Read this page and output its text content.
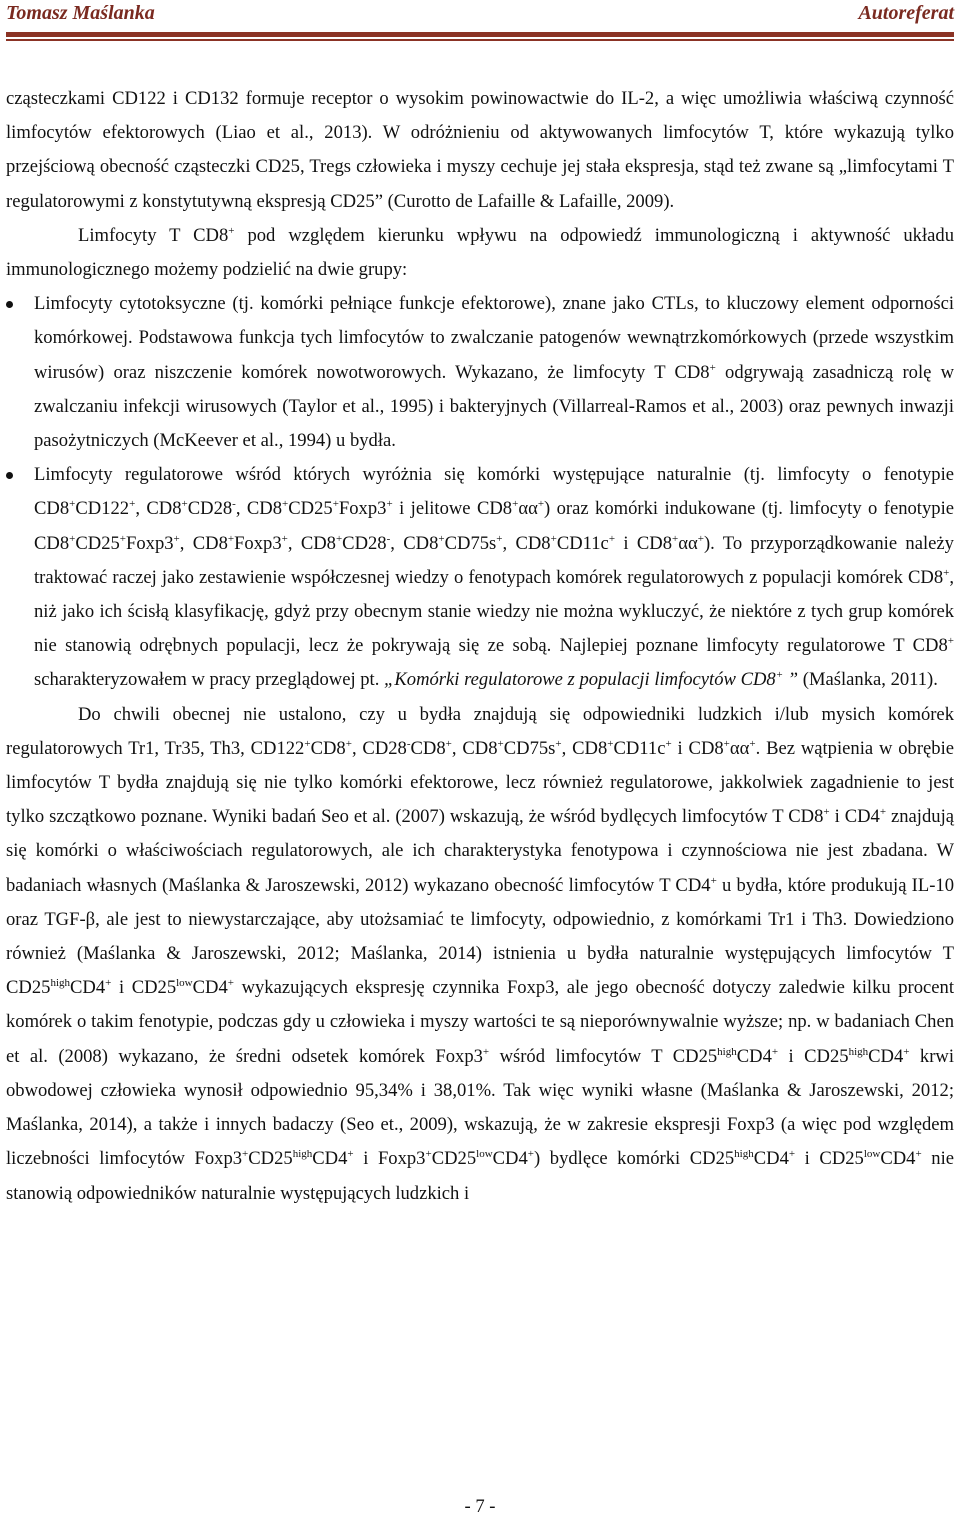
Tomasz Maślanka	Autoreferat

cząsteczkami CD122 i CD132 formuje receptor o wysokim powinowactwie do IL-2, a więc umożliwia właściwą czynność limfocytów efektorowych (Liao et al., 2013). W odróżnieniu od aktywowanych limfocytów T, które wykazują tylko przejściową obecność cząsteczki CD25, Tregs człowieka i myszy cechuje jej stała ekspresja, stąd też zwane są „limfocytami T regulatorowymi z konstytutywną ekspresją CD25” (Curotto de Lafaille & Lafaille, 2009).

Limfocyty T CD8+ pod względem kierunku wpływu na odpowiedź immunologiczną i aktywność układu immunologicznego możemy podzielić na dwie grupy:

Limfocyty cytotoksyczne (tj. komórki pełniące funkcje efektorowe), znane jako CTLs, to kluczowy element odporności komórkowej. Podstawowa funkcja tych limfocytów to zwalczanie patogenów wewnątrzkomórkowych (przede wszystkim wirusów) oraz niszczenie komórek nowotworowych. Wykazano, że limfocyty T CD8+ odgrywają zasadniczą rolę w zwalczaniu infekcji wirusowych (Taylor et al., 1995) i bakteryjnych (Villarreal-Ramos et al., 2003) oraz pewnych inwazji pasożytniczych (McKeever et al., 1994) u bydła.
Limfocyty regulatorowe wśród których wyróżnia się komórki występujące naturalnie (tj. limfocyty o fenotypie CD8+CD122+, CD8+CD28-, CD8+CD25+Foxp3+ i jelitowe CD8+αα+) oraz komórki indukowane (tj. limfocyty o fenotypie CD8+CD25+Foxp3+, CD8+Foxp3+, CD8+CD28-, CD8+CD75s+, CD8+CD11c+ i CD8+αα+). To przyporządkowanie należy traktować raczej jako zestawienie współczesnej wiedzy o fenotypach komórek regulatorowych z populacji komórek CD8+, niż jako ich ścisłą klasyfikację, gdyż przy obecnym stanie wiedzy nie można wykluczyć, że niektóre z tych grup komórek nie stanowią odrębnych populacji, lecz że pokrywają się ze sobą. Najlepiej poznane limfocyty regulatorowe T CD8+ scharakteryzowałem w pracy przeglądowej pt. „Komórki regulatorowe z populacji limfocytów CD8+ ” (Maślanka, 2011).

Do chwili obecnej nie ustalono, czy u bydła znajdują się odpowiedniki ludzkich i/lub mysich komórek regulatorowych Tr1, Tr35, Th3, CD122+CD8+, CD28-CD8+, CD8+CD75s+, CD8+CD11c+ i CD8+αα+. Bez wątpienia w obrębie limfocytów T bydła znajdują się nie tylko komórki efektorowe, lecz również regulatorowe, jakkolwiek zagadnienie to jest tylko szczątkowo poznane. Wyniki badań Seo et al. (2007) wskazują, że wśród bydlęcych limfocytów T CD8+ i CD4+ znajdują się komórki o właściwościach regulatorowych, ale ich charakterystyka fenotypowa i czynnościowa nie jest zbadana. W badaniach własnych (Maślanka & Jaroszewski, 2012) wykazano obecność limfocytów T CD4+ u bydła, które produkują IL-10 oraz TGF-β, ale jest to niewystarczające, aby utożsamiać te limfocyty, odpowiednio, z komórkami Tr1 i Th3. Dowiedziono również (Maślanka & Jaroszewski, 2012; Maślanka, 2014) istnienia u bydła naturalnie występujących limfocytów T $CD25^{high}CD4^+$ i $CD25^{low}CD4^+$ wykazujących ekspresję czynnika Foxp3, ale jego obecność dotyczy zaledwie kilku procent komórek o takim fenotypie, podczas gdy u człowieka i myszy wartości te są nieporównywalnie wyższe; np. w badaniach Chen et al. (2008) wykazano, że średni odsetek komórek Foxp3+ wśród limfocytów T $CD25^{high}CD4^+$ i $CD25^{high}CD4^+$ krwi obwodowej człowieka wynosił odpowiednio 95,34% i 38,01%. Tak więc wyniki własne (Maślanka & Jaroszewski, 2012; Maślanka, 2014), a także i innych badaczy (Seo et., 2009), wskazują, że w zakresie ekspresji Foxp3 (a więc pod względem liczebności limfocytów $Foxp3^+CD25^{high}CD4^+$ i $Foxp3^+CD25^{low}CD4^+$) bydlęce komórki $CD25^{high}CD4^+$ i $CD25^{low}CD4^+$ nie stanowią odpowiedników naturalnie występujących ludzkich i

- 7 -
